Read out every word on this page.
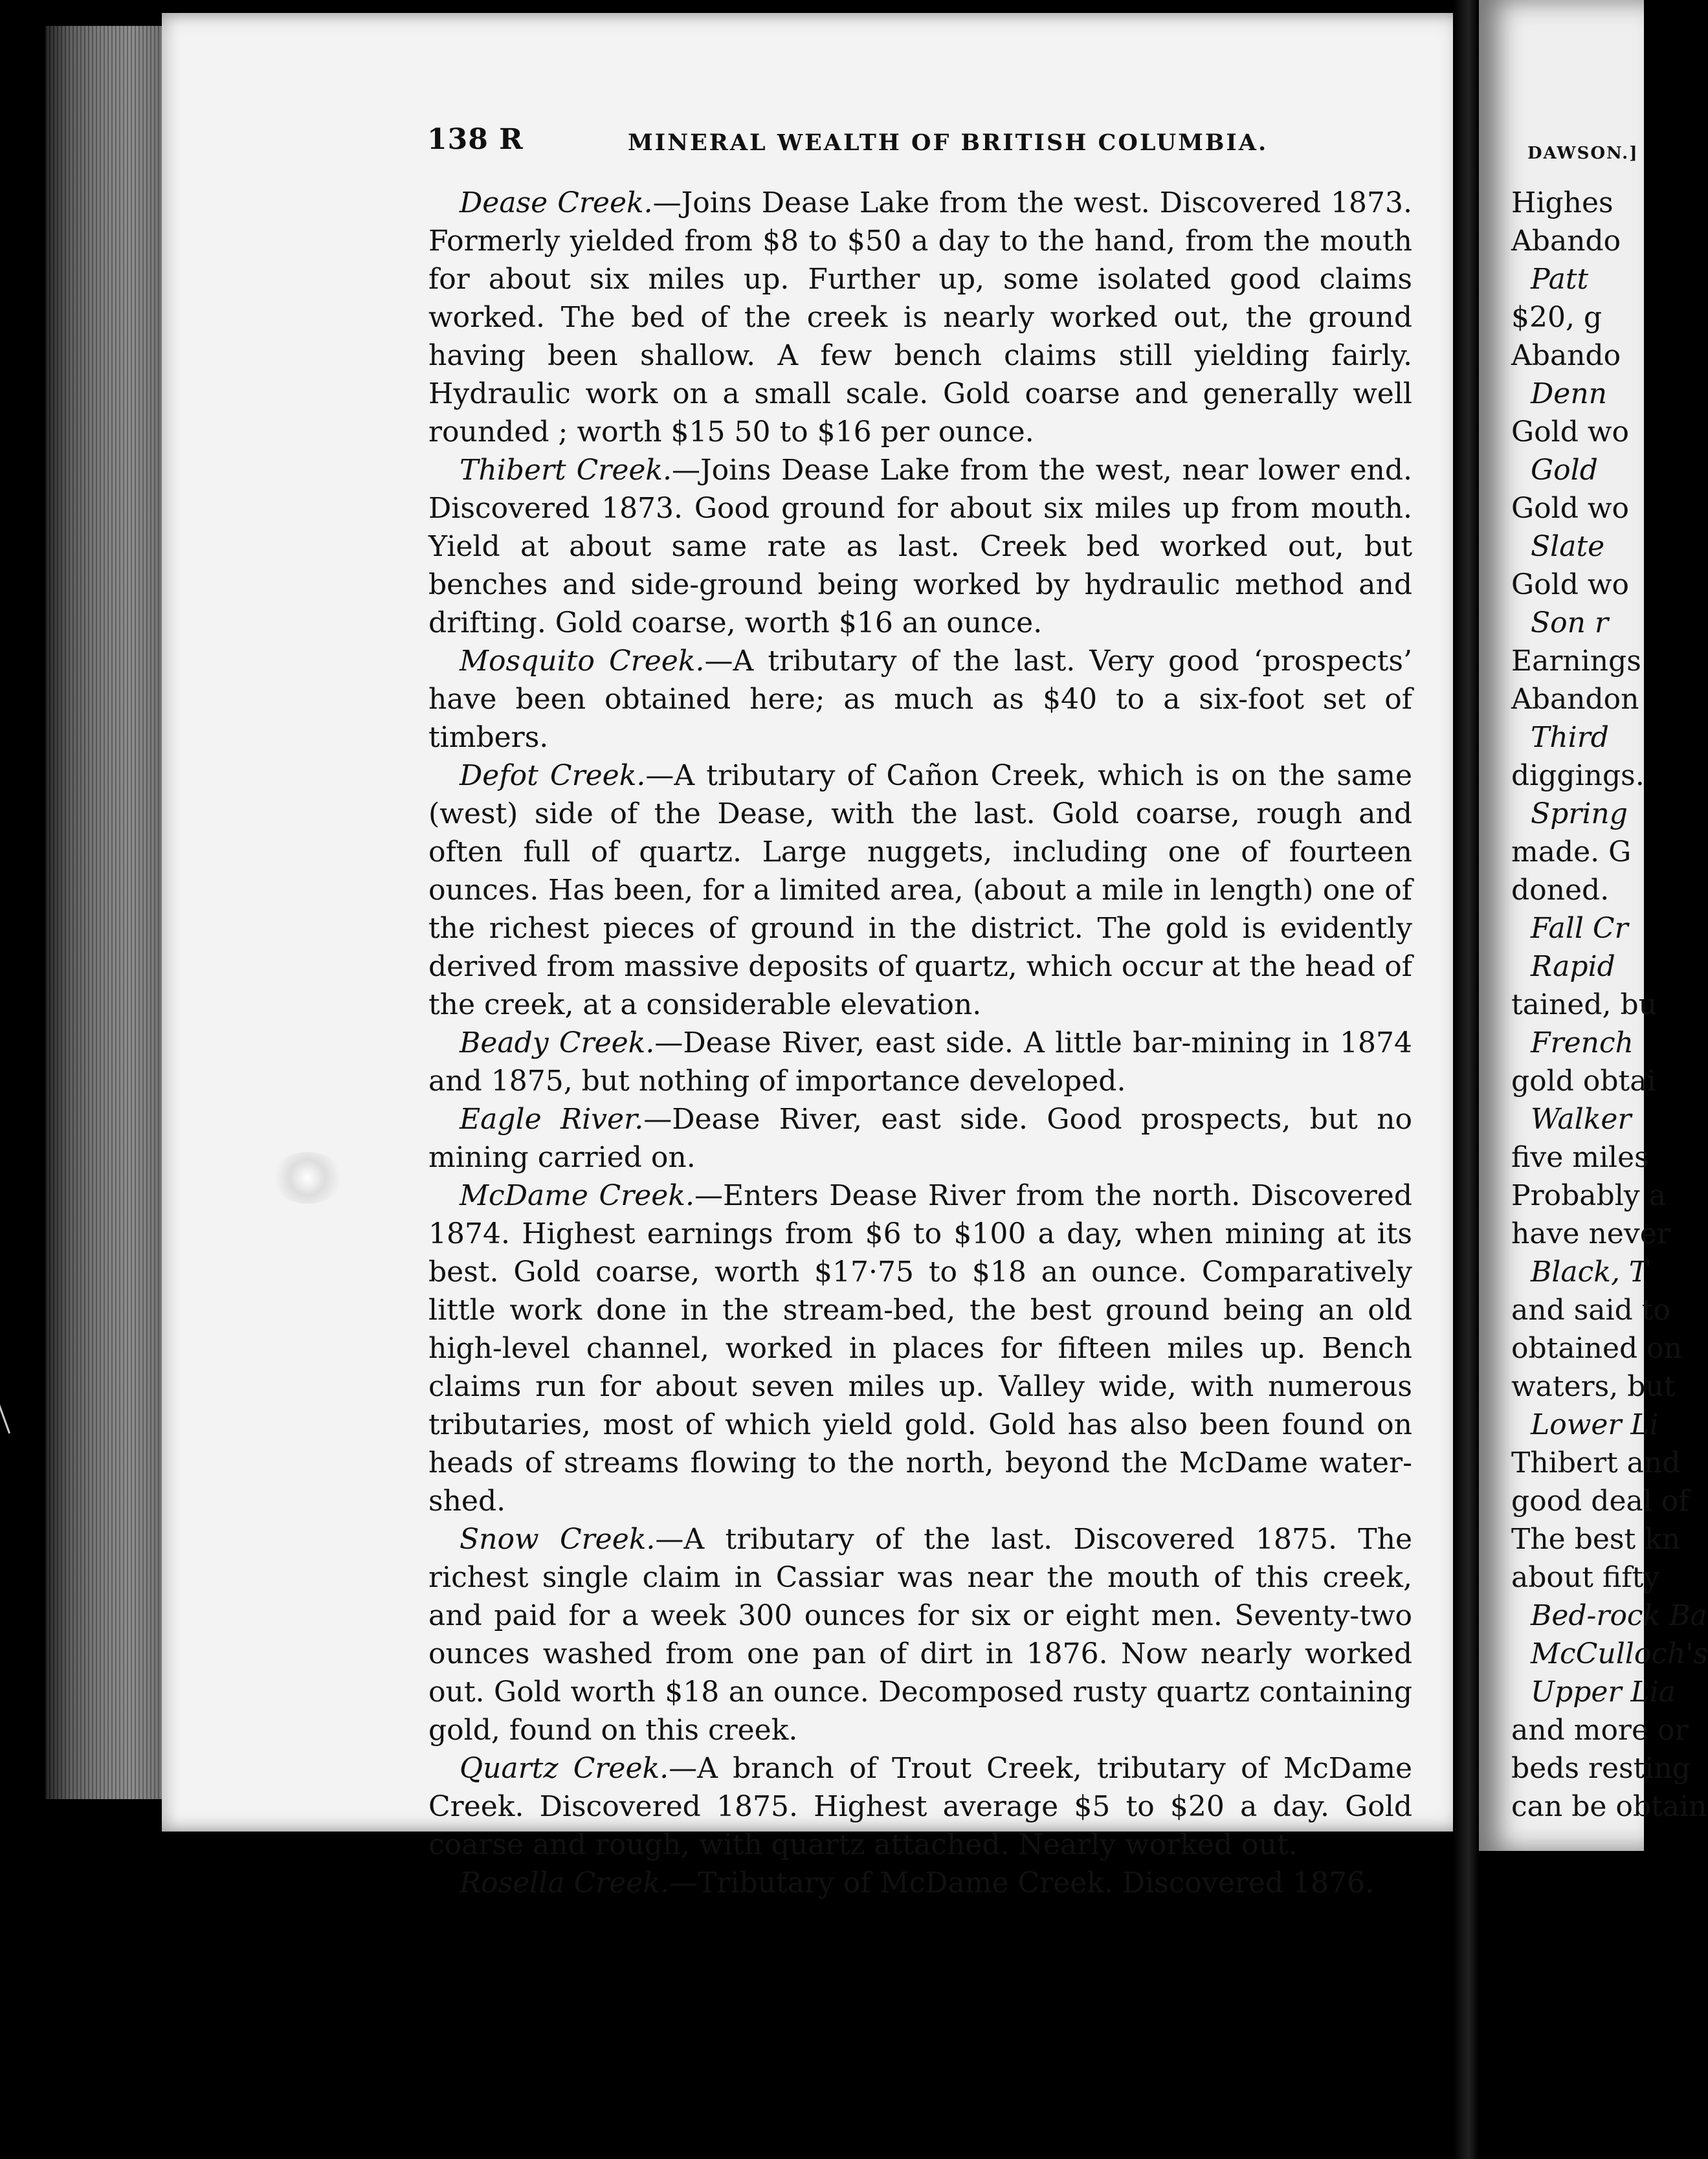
138 R	MINERAL WEALTH OF BRITISH COLUMBIA.

Dease Creek.—Joins Dease Lake from the west. Discovered 1873. Formerly yielded from $8 to $50 a day to the hand, from the mouth for about six miles up. Further up, some isolated good claims worked. The bed of the creek is nearly worked out, the ground having been shallow. A few bench claims still yielding fairly. Hydraulic work on a small scale. Gold coarse and generally well rounded ; worth $15 50 to $16 per ounce.

Thibert Creek.—Joins Dease Lake from the west, near lower end. Discovered 1873. Good ground for about six miles up from mouth. Yield at about same rate as last. Creek bed worked out, but benches and side-ground being worked by hydraulic method and drifting. Gold coarse, worth $16 an ounce.

Mosquito Creek.—A tributary of the last. Very good ‘prospects’ have been obtained here; as much as $40 to a six-foot set of timbers.

Defot Creek.—A tributary of Cañon Creek, which is on the same (west) side of the Dease, with the last. Gold coarse, rough and often full of quartz. Large nuggets, including one of fourteen ounces. Has been, for a limited area, (about a mile in length) one of the richest pieces of ground in the district. The gold is evidently derived from massive deposits of quartz, which occur at the head of the creek, at a considerable elevation.

Beady Creek.—Dease River, east side. A little bar-mining in 1874 and 1875, but nothing of importance developed.

Eagle River.—Dease River, east side. Good prospects, but no mining carried on.

McDame Creek.—Enters Dease River from the north. Discovered 1874. Highest earnings from $6 to $100 a day, when mining at its best. Gold coarse, worth $17·75 to $18 an ounce. Comparatively little work done in the stream-bed, the best ground being an old high-level channel, worked in places for fifteen miles up. Bench claims run for about seven miles up. Valley wide, with numerous tributaries, most of which yield gold. Gold has also been found on heads of streams flowing to the north, beyond the McDame water-shed.

Snow Creek.—A tributary of the last. Discovered 1875. The richest single claim in Cassiar was near the mouth of this creek, and paid for a week 300 ounces for six or eight men. Seventy-two ounces washed from one pan of dirt in 1876. Now nearly worked out. Gold worth $18 an ounce. Decomposed rusty quartz containing gold, found on this creek.

Quartz Creek.—A branch of Trout Creek, tributary of McDame Creek. Discovered 1875. Highest average $5 to $20 a day. Gold coarse and rough, with quartz attached. Nearly worked out.

Rosella Creek.—Tributary of McDame Creek. Discovered 1876.

DAWSON.]
Highes
Abando
Patt
$20, g
Abando
Denn
Gold wo
Gold
Gold wo
Slate
Gold wo
Son r
Earnings
Abandon
Third
diggings.
Spring
made. G
doned.
Fall Cr
Rapid
tained, bu
French
gold obtai
Walker
five miles
Probably a
have never
Black, T
and said to
obtained on
waters, but
Lower Li
Thibert and
good deal of
The best kn
about fifty
Bed-rock Ba
McCulloch's
Upper Lia
and more or
beds resting
can be obtain
